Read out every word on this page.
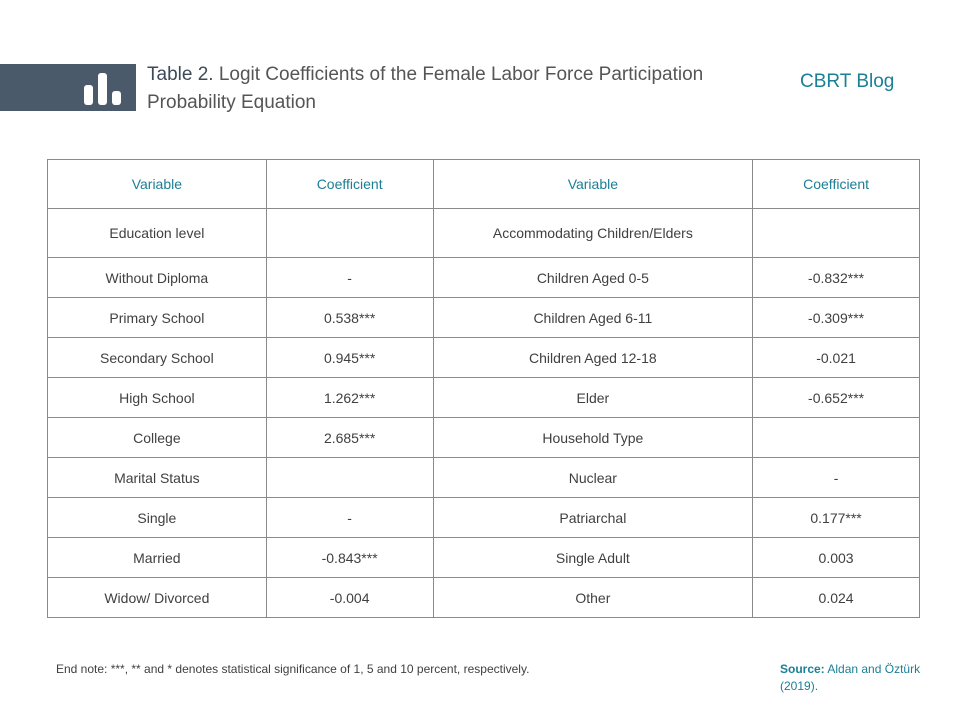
Table 2. Logit Coefficients of the Female Labor Force Participation Probability Equation
CBRT Blog
Variable	Coefficient	Variable	Coefficient
Education level		Accommodating Children/Elders	
Without Diploma	-	Children Aged 0-5	-0.832***
Primary School	0.538***	Children Aged 6-11	-0.309***
Secondary School	0.945***	Children Aged 12-18	-0.021
High School	1.262***	Elder	-0.652***
College	2.685***	Household Type	
Marital Status		Nuclear	-
Single	-	Patriarchal	0.177***
Married	-0.843***	Single Adult	0.003
Widow/ Divorced	-0.004	Other	0.024
End note: ***, ** and * denotes statistical significance of 1, 5 and 10 percent, respectively.	Source: Aldan and Öztürk (2019).
